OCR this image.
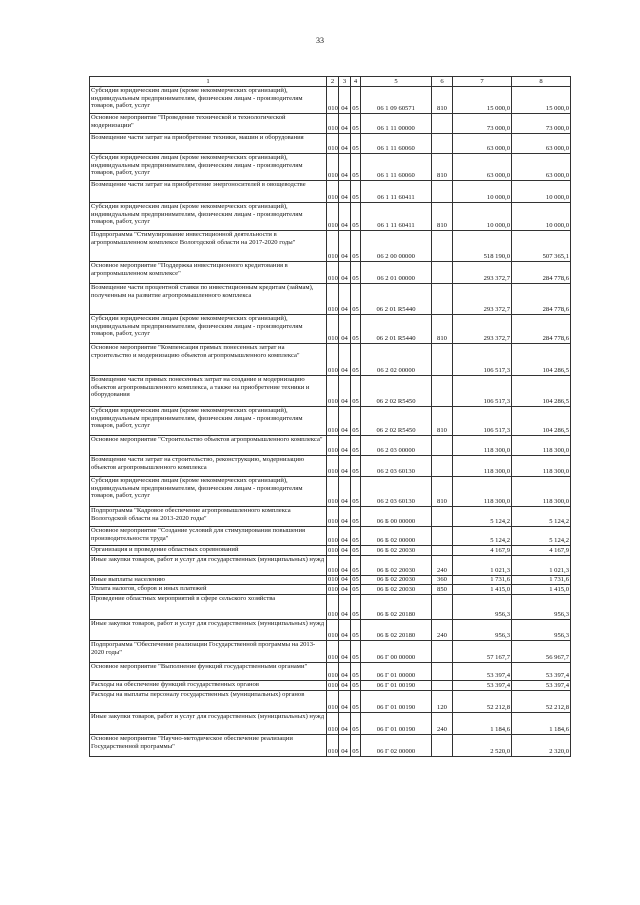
33
1	2	3	4	5	6	7	8
Субсидии юридическим лицам (кроме некоммерческих организаций), индивидуальным предпринимателям, физическим лицам - производителям товаров, работ, услуг	010	04	05	06 1 09 60571	810	15 000,0	15 000,0
Основное мероприятие "Проведение технической и технологической модернизации"	010	04	05	06 1 11 00000		73 000,0	73 000,0
Возмещение части затрат на приобретение техники, машин и оборудования	010	04	05	06 1 11 60060		63 000,0	63 000,0
Субсидии юридическим лицам (кроме некоммерческих организаций), индивидуальным предпринимателям, физическим лицам - производителям товаров, работ, услуг	010	04	05	06 1 11 60060	810	63 000,0	63 000,0
Возмещение части затрат на приобретение энергоносителей в овощеводстве	010	04	05	06 1 11 60411		10 000,0	10 000,0
Субсидии юридическим лицам (кроме некоммерческих организаций), индивидуальным предпринимателям, физическим лицам - производителям товаров, работ, услуг	010	04	05	06 1 11 60411	810	10 000,0	10 000,0
Подпрограмма "Стимулирование инвестиционной деятельности в агропромышленном комплексе Вологодской области на 2017-2020 годы"	010	04	05	06 2 00 00000		518 190,0	507 365,1
Основное мероприятие "Поддержка инвестиционного кредитования в агропромышленном комплексе"	010	04	05	06 2 01 00000		293 372,7	284 778,6
Возмещение части процентной ставки по инвестиционным кредитам (займам), полученным на развитие агропромышленного комплекса	010	04	05	06 2 01 R5440		293 372,7	284 778,6
Субсидии юридическим лицам (кроме некоммерческих организаций), индивидуальным предпринимателям, физическим лицам - производителям товаров, работ, услуг	010	04	05	06 2 01 R5440	810	293 372,7	284 778,6
Основное мероприятие "Компенсация прямых понесенных затрат на строительство и модернизацию объектов агропромышленного комплекса"	010	04	05	06 2 02 00000		106 517,3	104 286,5
Возмещение части прямых понесенных затрат на создание и модернизацию объектов агропромышленного комплекса, а также на приобретение техники и оборудования	010	04	05	06 2 02 R5450		106 517,3	104 286,5
Субсидии юридическим лицам (кроме некоммерческих организаций), индивидуальным предпринимателям, физическим лицам - производителям товаров, работ, услуг	010	04	05	06 2 02 R5450	810	106 517,3	104 286,5
Основное мероприятие "Строительство объектов агропромышленного комплекса"	010	04	05	06 2 03 00000		118 300,0	118 300,0
Возмещение части затрат на строительство, реконструкцию, модернизацию объектов агропромышленного комплекса	010	04	05	06 2 03 60130		118 300,0	118 300,0
Субсидии юридическим лицам (кроме некоммерческих организаций), индивидуальным предпринимателям, физическим лицам - производителям товаров, работ, услуг	010	04	05	06 2 03 60130	810	118 300,0	118 300,0
Подпрограмма "Кадровое обеспечение агропромышленного комплекса Вологодской области на 2013-2020 годы"	010	04	05	06 Б 00 00000		5 124,2	5 124,2
Основное мероприятие "Создание условий для стимулирования повышения производительности труда"	010	04	05	06 Б 02 00000		5 124,2	5 124,2
Организация и проведение областных соревнований	010	04	05	06 Б 02 20030		4 167,9	4 167,9
Иные закупки товаров, работ и услуг для государственных (муниципальных) нужд	010	04	05	06 Б 02 20030	240	1 021,3	1 021,3
Иные выплаты населению	010	04	05	06 Б 02 20030	360	1 731,6	1 731,6
Уплата налогов, сборов и иных платежей	010	04	05	06 Б 02 20030	850	1 415,0	1 415,0
Проведение областных мероприятий в сфере сельского хозяйства	010	04	05	06 Б 02 20180		956,3	956,3
Иные закупки товаров, работ и услуг для государственных (муниципальных) нужд	010	04	05	06 Б 02 20180	240	956,3	956,3
Подпрограмма "Обеспечение реализации Государственной программы на 2013-2020 годы"	010	04	05	06 Г 00 00000		57 167,7	56 967,7
Основное мероприятие "Выполнение функций государственными органами"	010	04	05	06 Г 01 00000		53 397,4	53 397,4
Расходы на обеспечение функций государственных органов	010	04	05	06 Г 01 00190		53 397,4	53 397,4
Расходы на выплаты персоналу государственных (муниципальных) органов	010	04	05	06 Г 01 00190	120	52 212,8	52 212,8
Иные закупки товаров, работ и услуг для государственных (муниципальных) нужд	010	04	05	06 Г 01 00190	240	1 184,6	1 184,6
Основное мероприятие "Научно-методическое обеспечение реализации Государственной программы"	010	04	05	06 Г 02 00000		2 520,0	2 320,0
